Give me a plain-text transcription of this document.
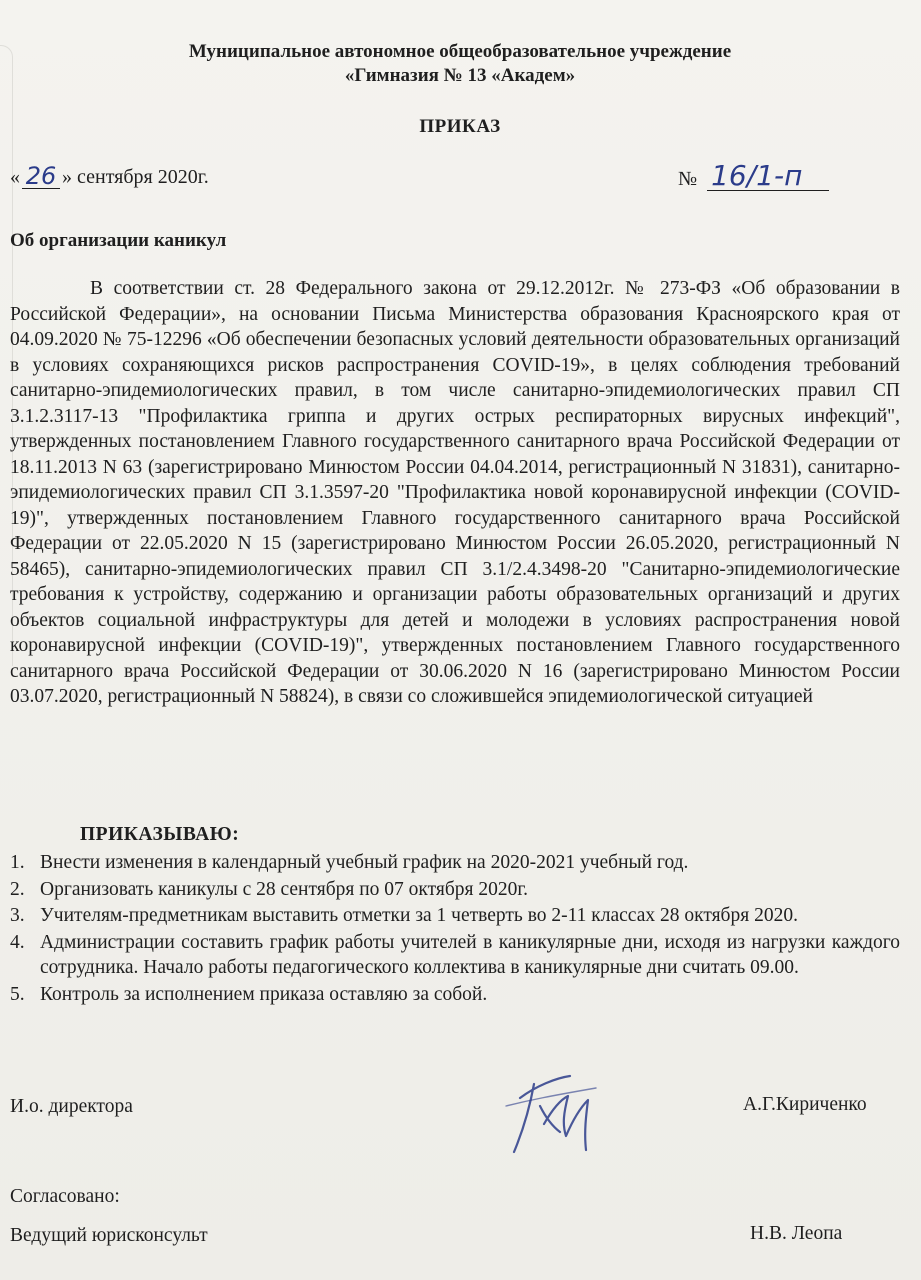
Муниципальное автономное общеобразовательное учреждение
«Гимназия № 13 «Академ»
ПРИКАЗ
« 26 » сентября 2020г.	№ 16/1-п
Об организации каникул

В соответствии ст. 28 Федерального закона от 29.12.2012г. № 273-ФЗ «Об образовании в Российской Федерации», на основании Письма Министерства образования Красноярского края от 04.09.2020 № 75-12296 «Об обеспечении безопасных условий деятельности образовательных организаций в условиях сохраняющихся рисков распространения COVID-19», в целях соблюдения требований санитарно-эпидемиологических правил, в том числе санитарно-эпидемиологических правил СП 3.1.2.3117-13 "Профилактика гриппа и других острых респираторных вирусных инфекций", утвержденных постановлением Главного государственного санитарного врача Российской Федерации от 18.11.2013 N 63 (зарегистрировано Минюстом России 04.04.2014, регистрационный N 31831), санитарно-эпидемиологических правил СП 3.1.3597-20 "Профилактика новой коронавирусной инфекции (COVID-19)", утвержденных постановлением Главного государственного санитарного врача Российской Федерации от 22.05.2020 N 15 (зарегистрировано Минюстом России 26.05.2020, регистрационный N 58465), санитарно-эпидемиологических правил СП 3.1/2.4.3498-20 "Санитарно-эпидемиологические требования к устройству, содержанию и организации работы образовательных организаций и других объектов социальной инфраструктуры для детей и молодежи в условиях распространения новой коронавирусной инфекции (COVID-19)", утвержденных постановлением Главного государственного санитарного врача Российской Федерации от 30.06.2020 N 16 (зарегистрировано Минюстом России 03.07.2020, регистрационный N 58824), в связи со сложившейся эпидемиологической ситуацией

ПРИКАЗЫВАЮ:
1. Внести изменения в календарный учебный график на 2020-2021 учебный год.
2. Организовать каникулы с 28 сентября по 07 октября 2020г.
3. Учителям-предметникам выставить отметки за 1 четверть во 2-11 классах 28 октября 2020.
4. Администрации составить график работы учителей в каникулярные дни, исходя из нагрузки каждого сотрудника. Начало работы педагогического коллектива в каникулярные дни считать 09.00.
5. Контроль за исполнением приказа оставляю за собой.
И.о. директора	А.Г.Кириченко
Согласовано:
Ведущий юрисконсульт	Н.В. Леопа
